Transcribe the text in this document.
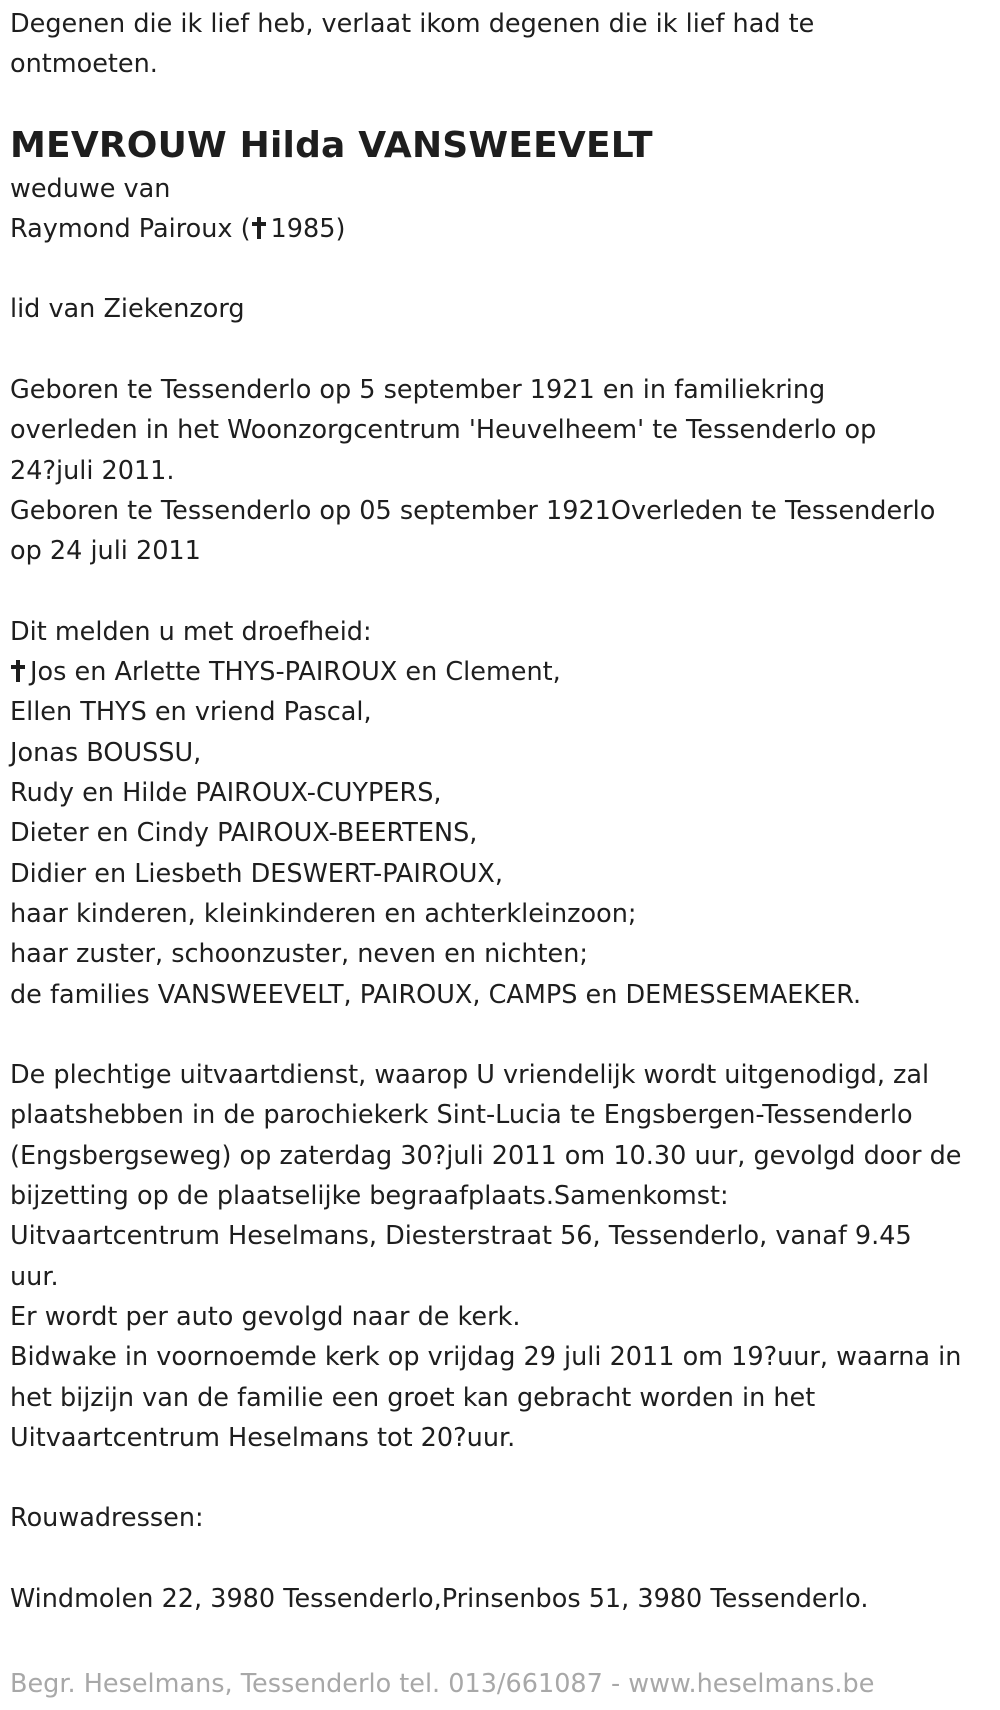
Degenen die ik lief heb, verlaat ikom degenen die ik lief had te
ontmoeten.
MEVROUW Hilda VANSWEEVELT
weduwe van
Raymond Pairoux ( 1985)
lid van Ziekenzorg
Geboren te Tessenderlo op 5 september 1921 en in familiekring
overleden in het Woonzorgcentrum 'Heuvelheem' te Tessenderlo op
24?juli 2011.
Geboren te Tessenderlo op 05 september 1921Overleden te Tessenderlo
op 24 juli 2011
Dit melden u met droefheid:
Jos en Arlette THYS-PAIROUX en Clement,
Ellen THYS en vriend Pascal,
Jonas BOUSSU,
Rudy en Hilde PAIROUX-CUYPERS,
Dieter en Cindy PAIROUX-BEERTENS,
Didier en Liesbeth DESWERT-PAIROUX,
haar kinderen, kleinkinderen en achterkleinzoon;
haar zuster, schoonzuster, neven en nichten;
de families VANSWEEVELT, PAIROUX, CAMPS en DEMESSEMAEKER.
De plechtige uitvaartdienst, waarop U vriendelijk wordt uitgenodigd, zal
plaatshebben in de parochiekerk Sint-Lucia te Engsbergen-Tessenderlo
(Engsbergseweg) op zaterdag 30?juli 2011 om 10.30 uur, gevolgd door de
bijzetting op de plaatselijke begraafplaats.Samenkomst:
Uitvaartcentrum Heselmans, Diesterstraat 56, Tessenderlo, vanaf 9.45
uur.
Er wordt per auto gevolgd naar de kerk.
Bidwake in voornoemde kerk op vrijdag 29 juli 2011 om 19?uur, waarna in
het bijzijn van de familie een groet kan gebracht worden in het
Uitvaartcentrum Heselmans tot 20?uur.
Rouwadressen:
Windmolen 22, 3980 Tessenderlo,Prinsenbos 51, 3980 Tessenderlo.
Begr. Heselmans, Tessenderlo tel. 013/661087 - www.heselmans.be
